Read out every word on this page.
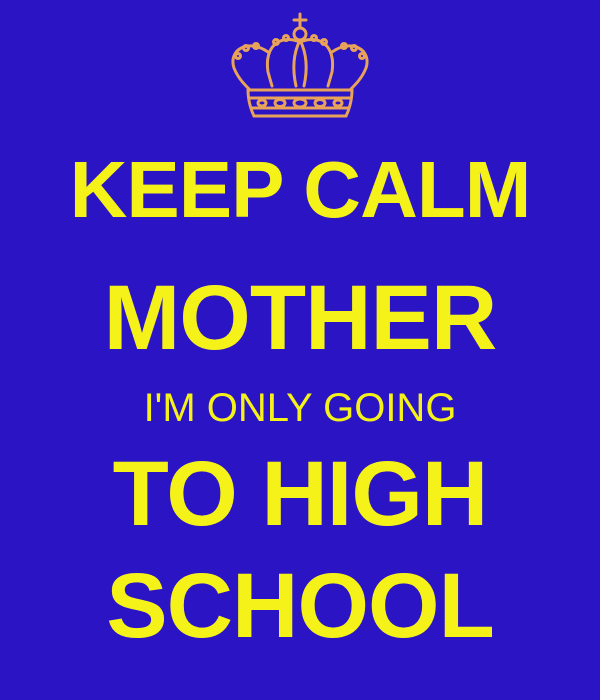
KEEP CALM
MOTHER
I'M ONLY GOING
TO HIGH
SCHOOL
